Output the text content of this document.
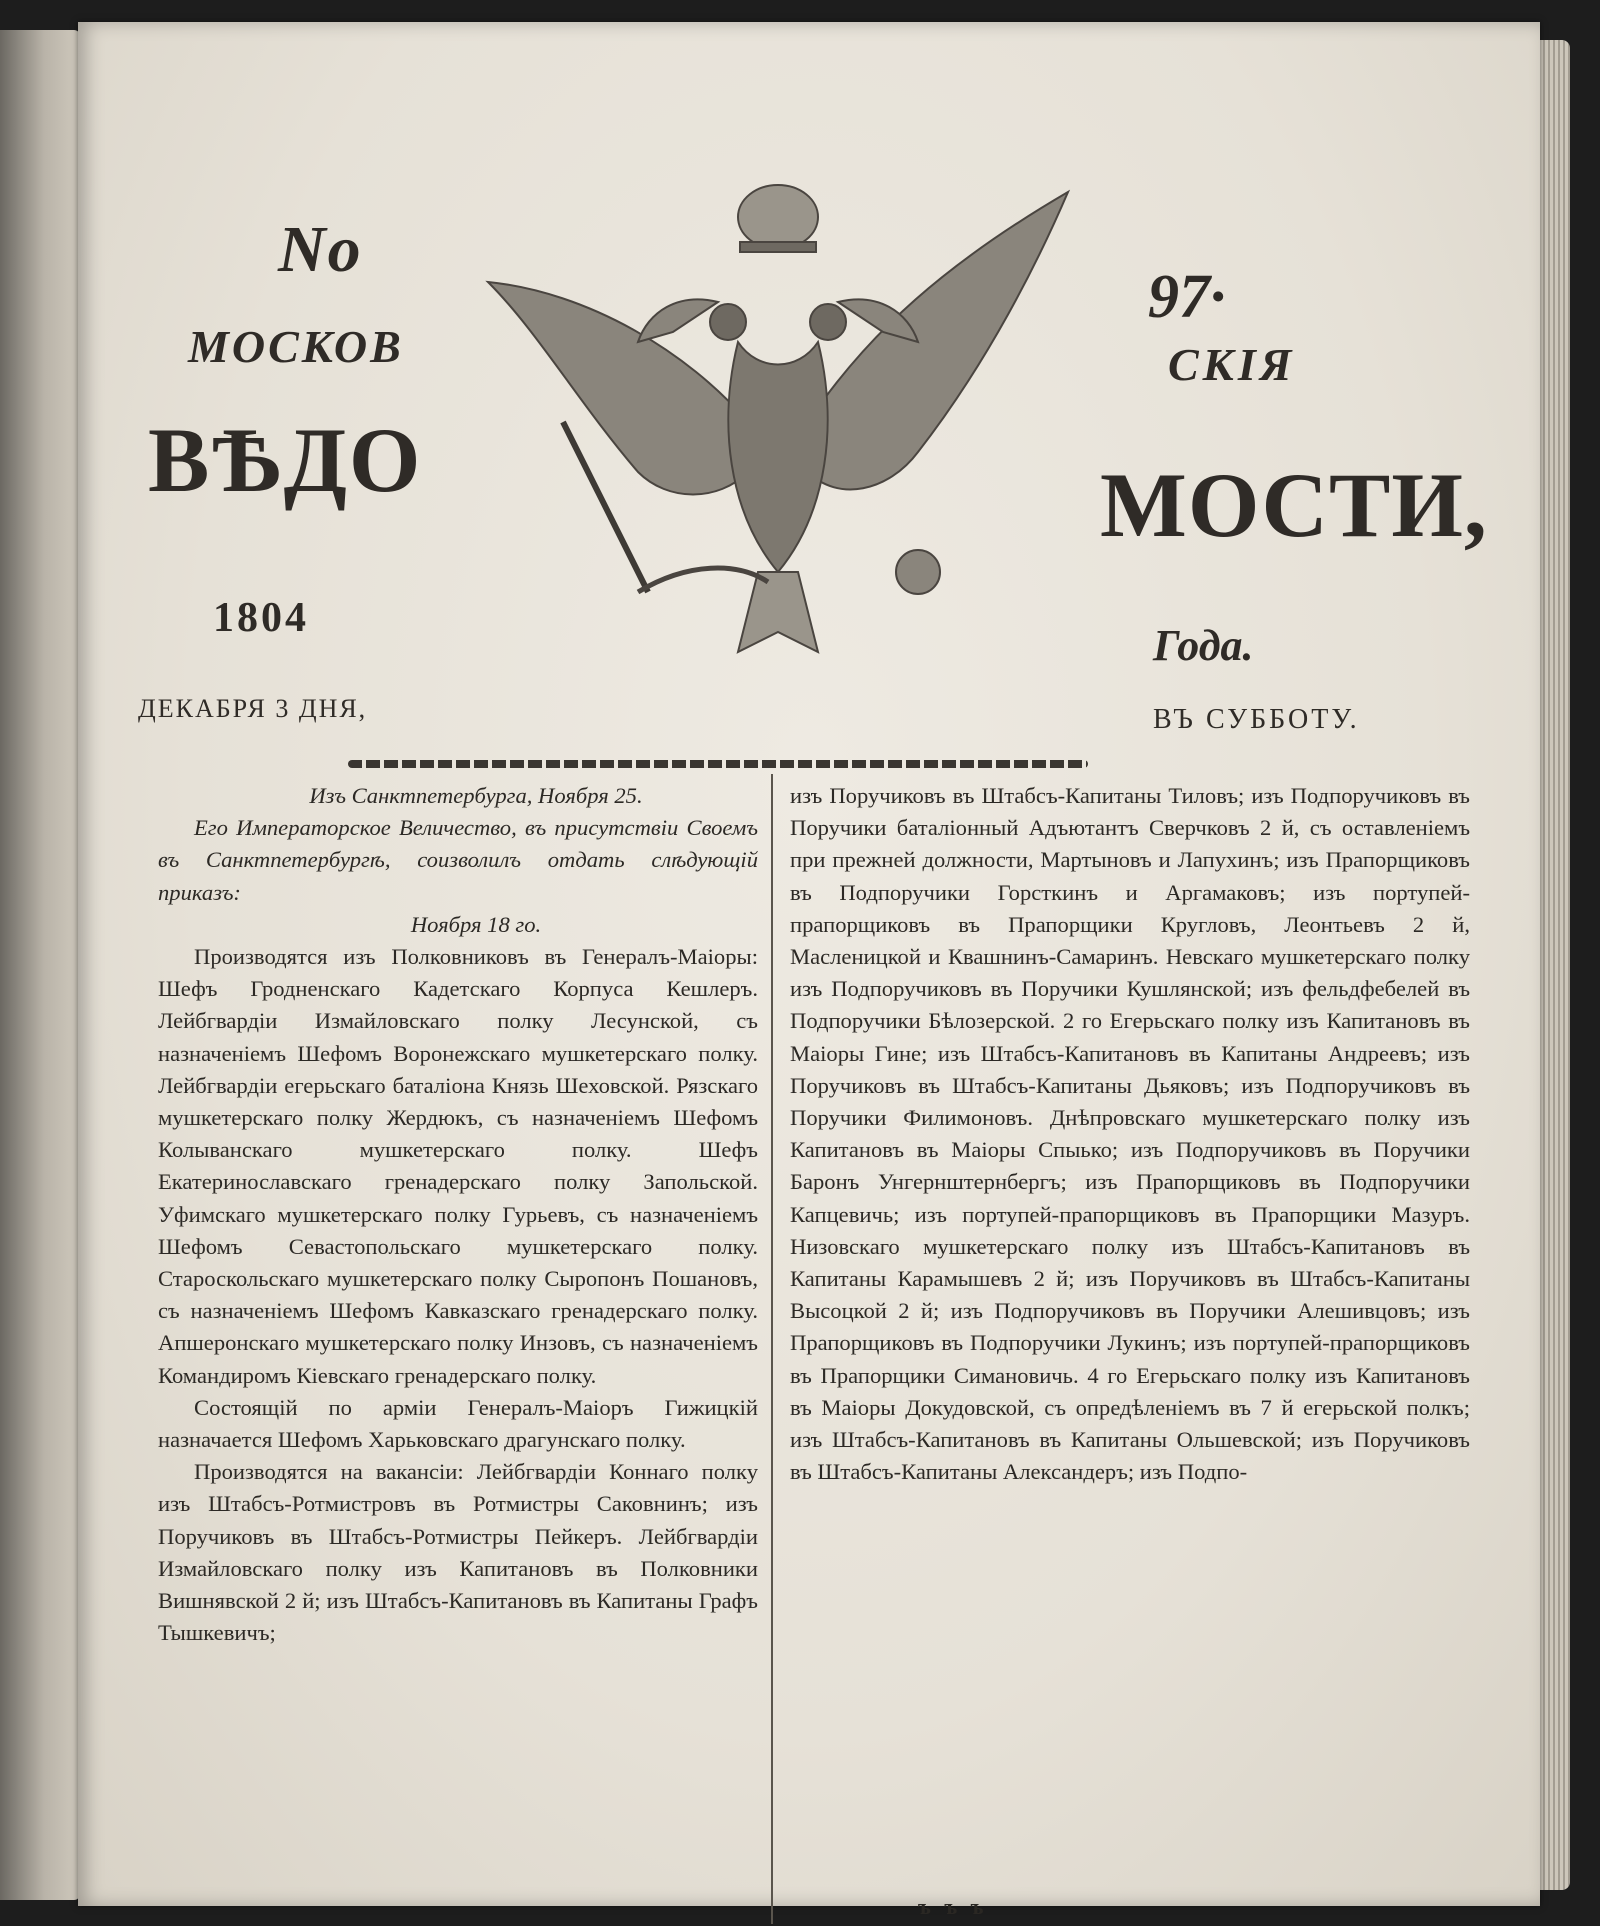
No
97·
МОСКОВ	СКІЯ
ВѢДО	МОСТИ,
1804
Года.
ДЕКАБРЯ 3 ДНЯ,	ВЪ СУББОТУ.

Изъ Санктпетербурга, Ноября 25.

Его Императорское Величество, въ присутствіи Своемъ въ Санктпетербургѣ, соизволилъ отдать слѣдующій приказъ:

Ноября 18 го.

Производятся изъ Полковниковъ въ Генералъ-Маіоры: Шефъ Гродненскаго Кадетскаго Корпуса Кешлеръ. Лейбгвардіи Измайловскаго полку Лесунской, съ назначеніемъ Шефомъ Воронежскаго мушкетерскаго полку. Лейбгвардіи егерьскаго баталіона Князь Шеховской. Рязскаго мушкетерскаго полку Жердюкъ, съ назначеніемъ Шефомъ Колыванскаго мушкетерскаго полку. Шефъ Екатеринославскаго гренадерскаго полку Запольской. Уфимскаго мушкетерскаго полку Гурьевъ, съ назначеніемъ Шефомъ Севастопольскаго мушкетерскаго полку. Староскольскаго мушкетерскаго полку Сыропонъ Пошановъ, съ назначеніемъ Шефомъ Кавказскаго гренадерскаго полку. Апшеронскаго мушкетерскаго полку Инзовъ, съ назначеніемъ Командиромъ Кіевскаго гренадерскаго полку.

Состоящій по арміи Генералъ-Маіоръ Гижицкій назначается Шефомъ Харьковскаго драгунскаго полку.

Производятся на вакансіи: Лейбгвардіи Коннаго полку изъ Штабсъ-Ротмистровъ въ Ротмистры Саковнинъ; изъ Поручиковъ въ Штабсъ-Ротмистры Пейкеръ. Лейбгвардіи Измайловскаго полку изъ Капитановъ въ Полковники Вишнявской 2 й; изъ Штабсъ-Капитановъ въ Капитаны Графъ Тышкевичъ;

изъ Поручиковъ въ Штабсъ-Капитаны Тиловъ; изъ Подпоручиковъ въ Поручики баталіонный Адъютантъ Сверчковъ 2 й, съ оставленіемъ при прежней должности, Мартыновъ и Лапухинъ; изъ Прапорщиковъ въ Подпоручики Горсткинъ и Аргамаковъ; изъ портупей-прапорщиковъ въ Прапорщики Кругловъ, Леонтьевъ 2 й, Масленицкой и Квашнинъ-Самаринъ. Невскаго мушкетерскаго полку изъ Подпоручиковъ въ Поручики Кушлянской; изъ фельдфебелей въ Подпоручики Бѣлозерской. 2 го Егерьскаго полку изъ Капитановъ въ Маіоры Гине; изъ Штабсъ-Капитановъ въ Капитаны Андреевъ; изъ Поручиковъ въ Штабсъ-Капитаны Дьяковъ; изъ Подпоручиковъ въ Поручики Филимоновъ. Днѣпровскаго мушкетерскаго полку изъ Капитановъ въ Маіоры Спыько; изъ Подпоручиковъ въ Поручики Баронъ Унгернштернбергъ; изъ Прапорщиковъ въ Подпоручики Капцевичь; изъ портупей-прапорщиковъ въ Прапорщики Мазуръ. Низовскаго мушкетерскаго полку изъ Штабсъ-Капитановъ въ Капитаны Карамышевъ 2 й; изъ Поручиковъ въ Штабсъ-Капитаны Высоцкой 2 й; изъ Подпоручиковъ въ Поручики Алешивцовъ; изъ Прапорщиковъ въ Подпоручики Лукинъ; изъ портупей-прапорщиковъ въ Прапорщики Симановичь. 4 го Егерьскаго полку изъ Капитановъ въ Маіоры Докудовской, съ опредѣленіемъ въ 7 й егерьской полкъ; изъ Штабсъ-Капитановъ въ Капитаны Ольшевской; изъ Поручиковъ въ Штабсъ-Капитаны Александеръ; изъ Подпо-

ъ ъ ъ
